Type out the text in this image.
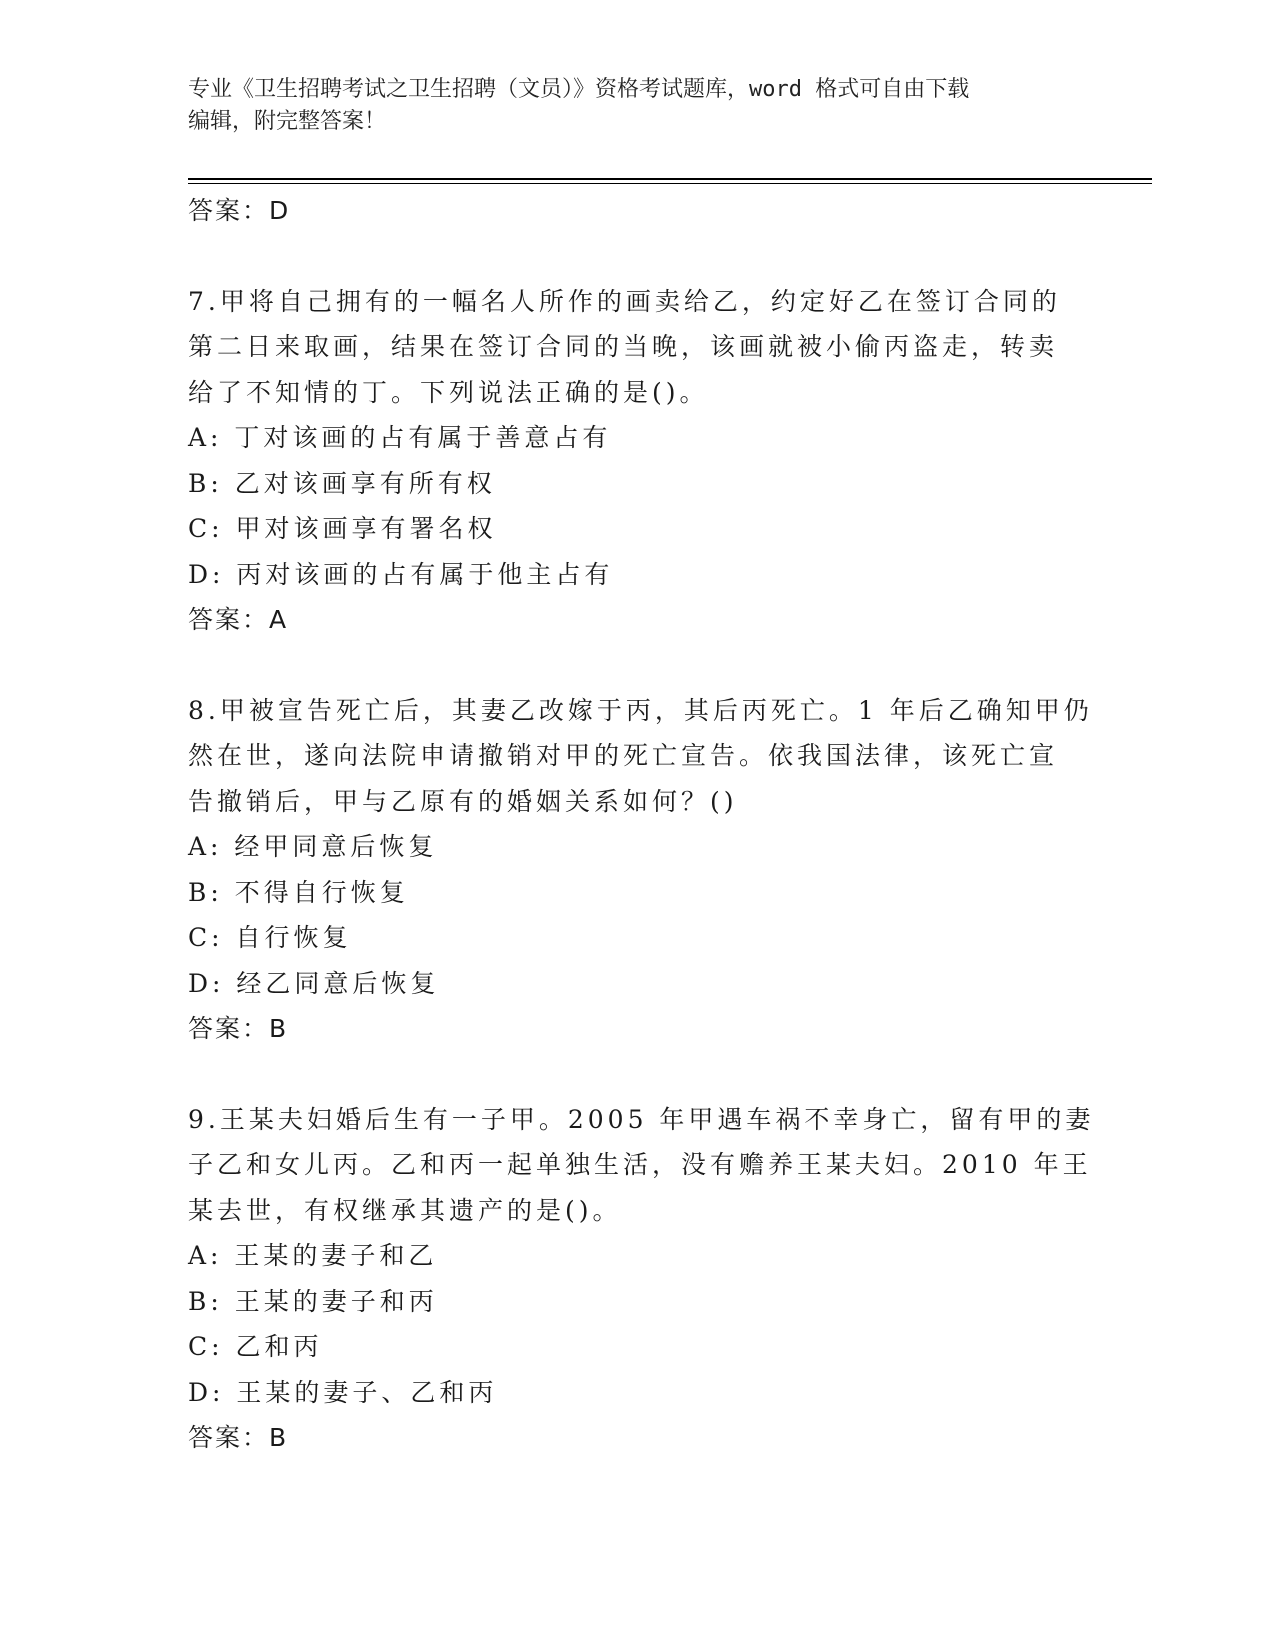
专业《卫生招聘考试之卫生招聘（文员）》资格考试题库，word 格式可自由下载
编辑，附完整答案！
答案：D
7.甲将自己拥有的一幅名人所作的画卖给乙，约定好乙在签订合同的
第二日来取画，结果在签订合同的当晚，该画就被小偷丙盗走，转卖
给了不知情的丁。下列说法正确的是()。
A: 丁对该画的占有属于善意占有
B: 乙对该画享有所有权
C: 甲对该画享有署名权
D: 丙对该画的占有属于他主占有
答案：A
8.甲被宣告死亡后，其妻乙改嫁于丙，其后丙死亡。1 年后乙确知甲仍
然在世，遂向法院申请撤销对甲的死亡宣告。依我国法律，该死亡宣
告撤销后，甲与乙原有的婚姻关系如何？()
A: 经甲同意后恢复
B: 不得自行恢复
C: 自行恢复
D: 经乙同意后恢复
答案：B
9.王某夫妇婚后生有一子甲。2005 年甲遇车祸不幸身亡，留有甲的妻
子乙和女儿丙。乙和丙一起单独生活，没有赡养王某夫妇。2010 年王
某去世，有权继承其遗产的是()。
A: 王某的妻子和乙
B: 王某的妻子和丙
C: 乙和丙
D: 王某的妻子、乙和丙
答案：B
